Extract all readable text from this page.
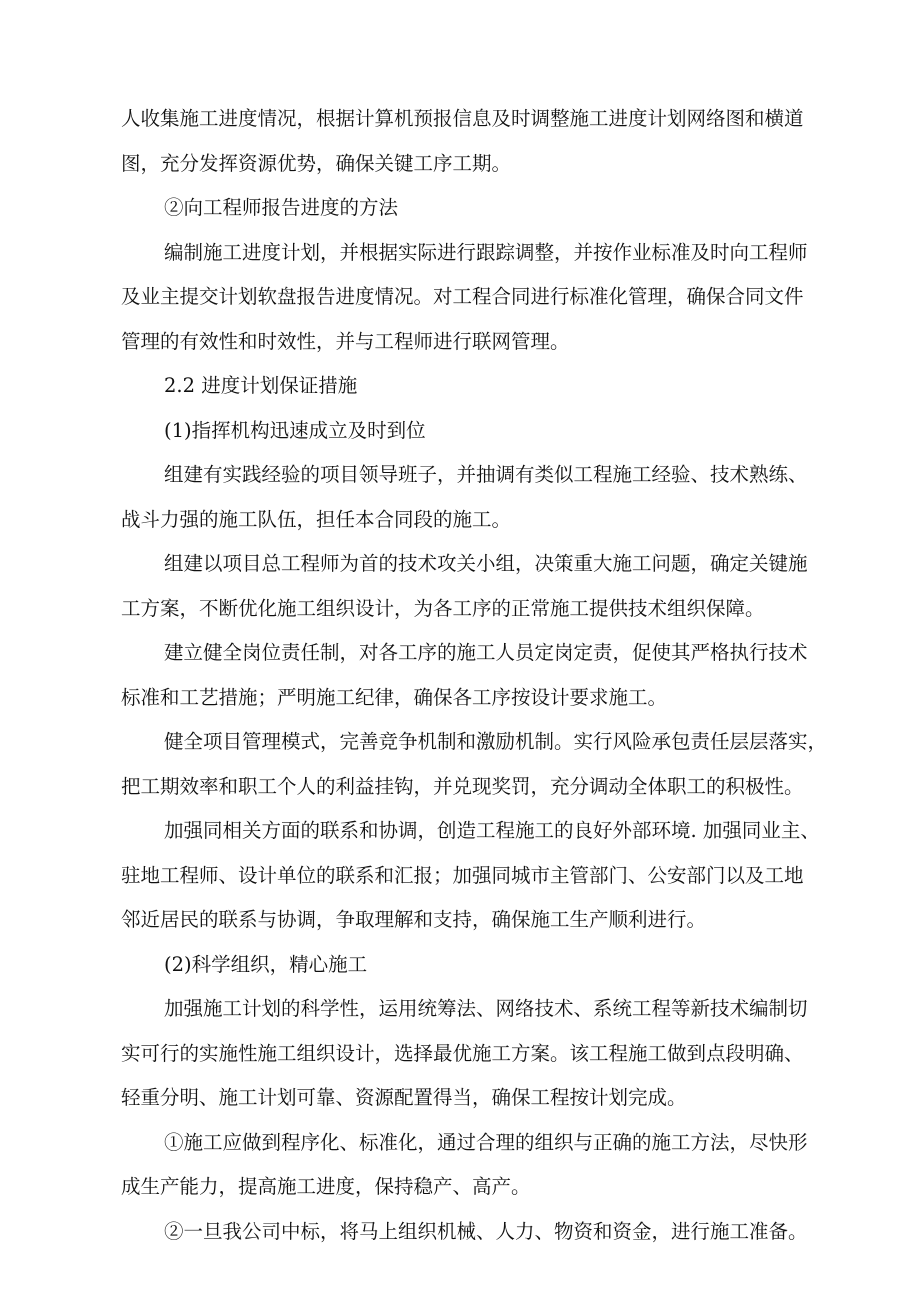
人收集施工进度情况，根据计算机预报信息及时调整施工进度计划网络图和横道

图，充分发挥资源优势，确保关键工序工期。

②向工程师报告进度的方法

编制施工进度计划，并根据实际进行跟踪调整，并按作业标准及时向工程师

及业主提交计划软盘报告进度情况。对工程合同进行标准化管理，确保合同文件

管理的有效性和时效性，并与工程师进行联网管理。

2.2 进度计划保证措施

(1)指挥机构迅速成立及时到位

组建有实践经验的项目领导班子，并抽调有类似工程施工经验、技术熟练、

战斗力强的施工队伍，担任本合同段的施工。

组建以项目总工程师为首的技术攻关小组，决策重大施工问题，确定关键施

工方案，不断优化施工组织设计，为各工序的正常施工提供技术组织保障。

建立健全岗位责任制，对各工序的施工人员定岗定责，促使其严格执行技术

标准和工艺措施；严明施工纪律，确保各工序按设计要求施工。

健全项目管理模式，完善竞争机制和激励机制。实行风险承包责任层层落实，

把工期效率和职工个人的利益挂钩，并兑现奖罚，充分调动全体职工的积极性。

加强同相关方面的联系和协调，创造工程施工的良好外部环境. 加强同业主、

驻地工程师、设计单位的联系和汇报；加强同城市主管部门、公安部门以及工地

邻近居民的联系与协调，争取理解和支持，确保施工生产顺利进行。

(2)科学组织，精心施工

加强施工计划的科学性，运用统筹法、网络技术、系统工程等新技术编制切

实可行的实施性施工组织设计，选择最优施工方案。该工程施工做到点段明确、

轻重分明、施工计划可靠、资源配置得当，确保工程按计划完成。

①施工应做到程序化、标准化，通过合理的组织与正确的施工方法，尽快形

成生产能力，提高施工进度，保持稳产、高产。

②一旦我公司中标，将马上组织机械、人力、物资和资金，进行施工准备。
